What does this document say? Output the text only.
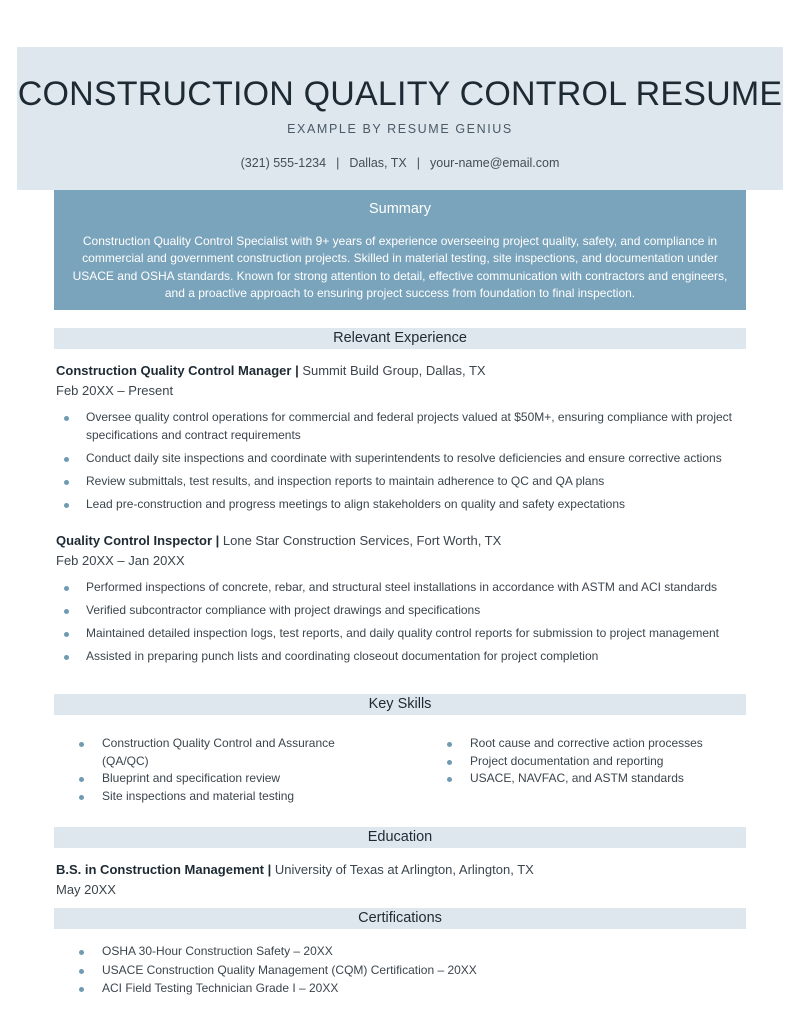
CONSTRUCTION QUALITY CONTROL RESUME
EXAMPLE BY RESUME GENIUS
(321) 555-1234 | Dallas, TX | your-name@email.com
Summary
Construction Quality Control Specialist with 9+ years of experience overseeing project quality, safety, and compliance in commercial and government construction projects. Skilled in material testing, site inspections, and documentation under USACE and OSHA standards. Known for strong attention to detail, effective communication with contractors and engineers, and a proactive approach to ensuring project success from foundation to final inspection.
Relevant Experience
Construction Quality Control Manager | Summit Build Group, Dallas, TX
Feb 20XX – Present
Oversee quality control operations for commercial and federal projects valued at $50M+, ensuring compliance with project specifications and contract requirements
Conduct daily site inspections and coordinate with superintendents to resolve deficiencies and ensure corrective actions
Review submittals, test results, and inspection reports to maintain adherence to QC and QA plans
Lead pre-construction and progress meetings to align stakeholders on quality and safety expectations
Quality Control Inspector | Lone Star Construction Services, Fort Worth, TX
Feb 20XX – Jan 20XX
Performed inspections of concrete, rebar, and structural steel installations in accordance with ASTM and ACI standards
Verified subcontractor compliance with project drawings and specifications
Maintained detailed inspection logs, test reports, and daily quality control reports for submission to project management
Assisted in preparing punch lists and coordinating closeout documentation for project completion
Key Skills
Construction Quality Control and Assurance (QA/QC)
Blueprint and specification review
Site inspections and material testing
Root cause and corrective action processes
Project documentation and reporting
USACE, NAVFAC, and ASTM standards
Education
B.S. in Construction Management | University of Texas at Arlington, Arlington, TX
May 20XX
Certifications
OSHA 30-Hour Construction Safety – 20XX
USACE Construction Quality Management (CQM) Certification – 20XX
ACI Field Testing Technician Grade I – 20XX
